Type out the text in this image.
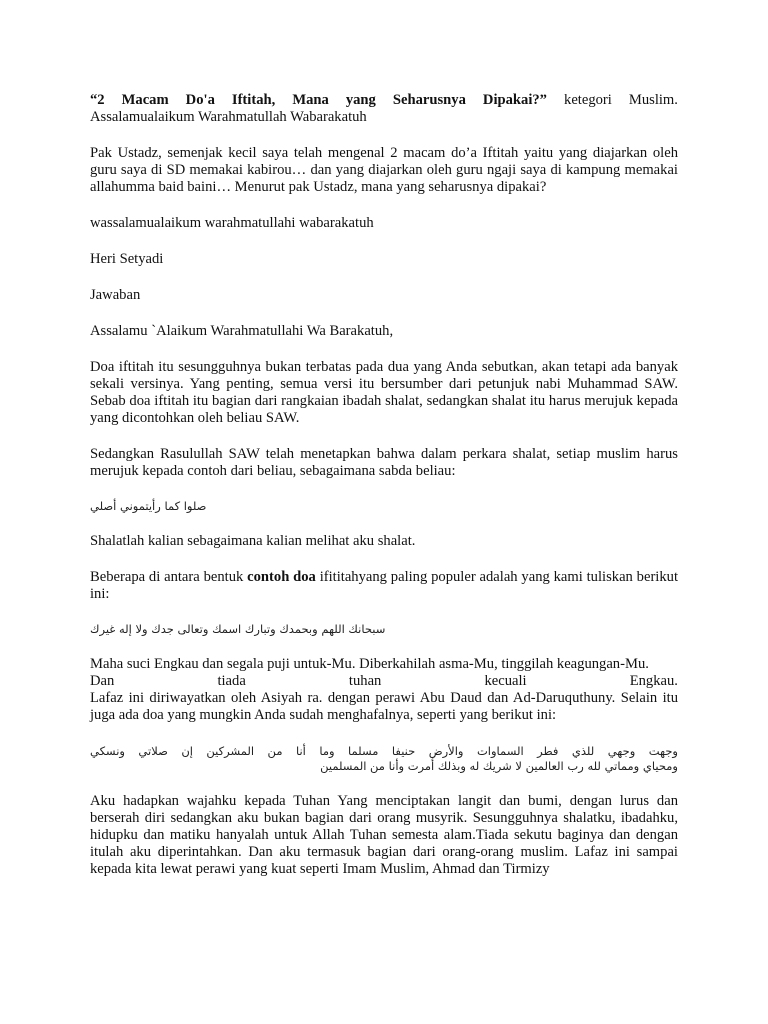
“2 Macam Do'a Iftitah, Mana yang Seharusnya Dipakai?” ketegori Muslim.

Assalamualaikum Warahmatullah Wabarakatuh

Pak Ustadz, semenjak kecil saya telah mengenal 2 macam do’a Iftitah yaitu yang diajarkan oleh guru saya di SD memakai kabirou… dan yang diajarkan oleh guru ngaji saya di kampung memakai allahumma baid baini… Menurut pak Ustadz, mana yang seharusnya dipakai?

wassalamualaikum warahmatullahi wabarakatuh

Heri Setyadi

Jawaban

Assalamu `Alaikum Warahmatullahi Wa Barakatuh,

Doa iftitah itu sesungguhnya bukan terbatas pada dua yang Anda sebutkan, akan tetapi ada banyak sekali versinya. Yang penting, semua versi itu bersumber dari petunjuk nabi Muhammad SAW. Sebab doa iftitah itu bagian dari rangkaian ibadah shalat, sedangkan shalat itu harus merujuk kepada yang dicontohkan oleh beliau SAW.

Sedangkan Rasulullah SAW telah menetapkan bahwa dalam perkara shalat, setiap muslim harus merujuk kepada contoh dari beliau, sebagaimana sabda beliau:

صلوا كما رأيتموني أصلي

Shalatlah kalian sebagaimana kalian melihat aku shalat.

Beberapa di antara bentuk contoh doa ifititahyang paling populer adalah yang kami tuliskan berikut ini:

سبحانك اللهم وبحمدك وتبارك اسمك وتعالى جدك ولا إله غيرك

Maha suci Engkau dan segala puji untuk-Mu. Diberkahilah asma-Mu, tinggilah keagungan-Mu.

Dan	tiada	tuhan	kecuali	Engkau.

Lafaz ini diriwayatkan oleh Asiyah ra. dengan perawi Abu Daud dan Ad-Daruquthuny. Selain itu juga ada doa yang mungkin Anda sudah menghafalnya, seperti yang berikut ini:

وجهت وجهي للذي فطر السماوات والأرض حنيفا مسلما وما أنا من المشركين إن صلاتي ونسكي

ومحياي ومماتي لله رب العالمين لا شريك له وبذلك أمرت وأنا من المسلمين

Aku hadapkan wajahku kepada Tuhan Yang menciptakan langit dan bumi, dengan lurus dan berserah diri sedangkan aku bukan bagian dari orang musyrik. Sesungguhnya shalatku, ibadahku, hidupku dan matiku hanyalah untuk Allah Tuhan semesta alam.Tiada sekutu baginya dan dengan itulah aku diperintahkan. Dan aku termasuk bagian dari orang-orang muslim. Lafaz ini sampai kepada kita lewat perawi yang kuat seperti Imam Muslim, Ahmad dan Tirmizy
